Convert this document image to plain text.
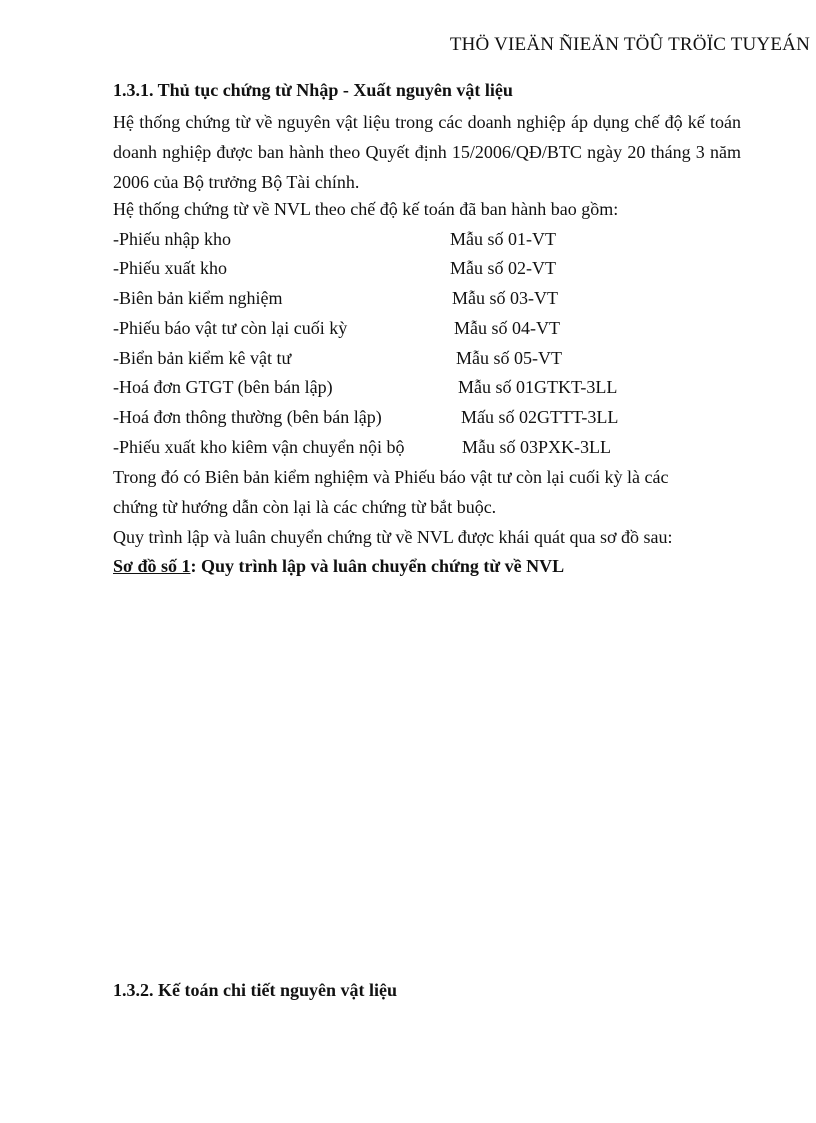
THÖ VIEÄN ÑIEÄN TÖÛ TRÖÏC TUYEÁN
1.3.1. Thủ tục chứng từ Nhập - Xuất nguyên vật liệu
Hệ thống chứng từ về nguyên vật liệu trong các doanh nghiệp áp dụng chế độ kế toán doanh nghiệp được ban hành theo Quyết định 15/2006/QĐ/BTC ngày 20 tháng 3 năm 2006 của Bộ trưởng Bộ Tài chính.
Hệ thống chứng từ về NVL theo chế độ kế toán đã ban hành bao gồm:
-Phiếu nhập kho	Mẫu số 01-VT
-Phiếu xuất kho	Mẫu số 02-VT
-Biên bản kiểm nghiệm	Mẫu số 03-VT
-Phiếu báo vật tư còn lại cuối kỳ	Mẫu số 04-VT
-Biển bản kiểm kê vật tư	Mẫu số 05-VT
-Hoá đơn GTGT (bên bán lập)	Mẫu số 01GTKT-3LL
-Hoá đơn thông thường (bên bán lập)	Mấu số 02GTTT-3LL
-Phiếu xuất kho kiêm vận chuyển nội bộ	Mẫu số 03PXK-3LL
Trong đó có Biên bản kiểm nghiệm và Phiếu báo vật tư còn lại cuối kỳ là các
chứng từ hướng dẫn còn lại là các chứng từ bắt buộc.
Quy trình lập và luân chuyển chứng từ về NVL được khái quát qua sơ đồ sau:
Sơ đồ số 1: Quy trình lập và luân chuyển chứng từ về NVL
1.3.2. Kế toán chi tiết nguyên vật liệu
